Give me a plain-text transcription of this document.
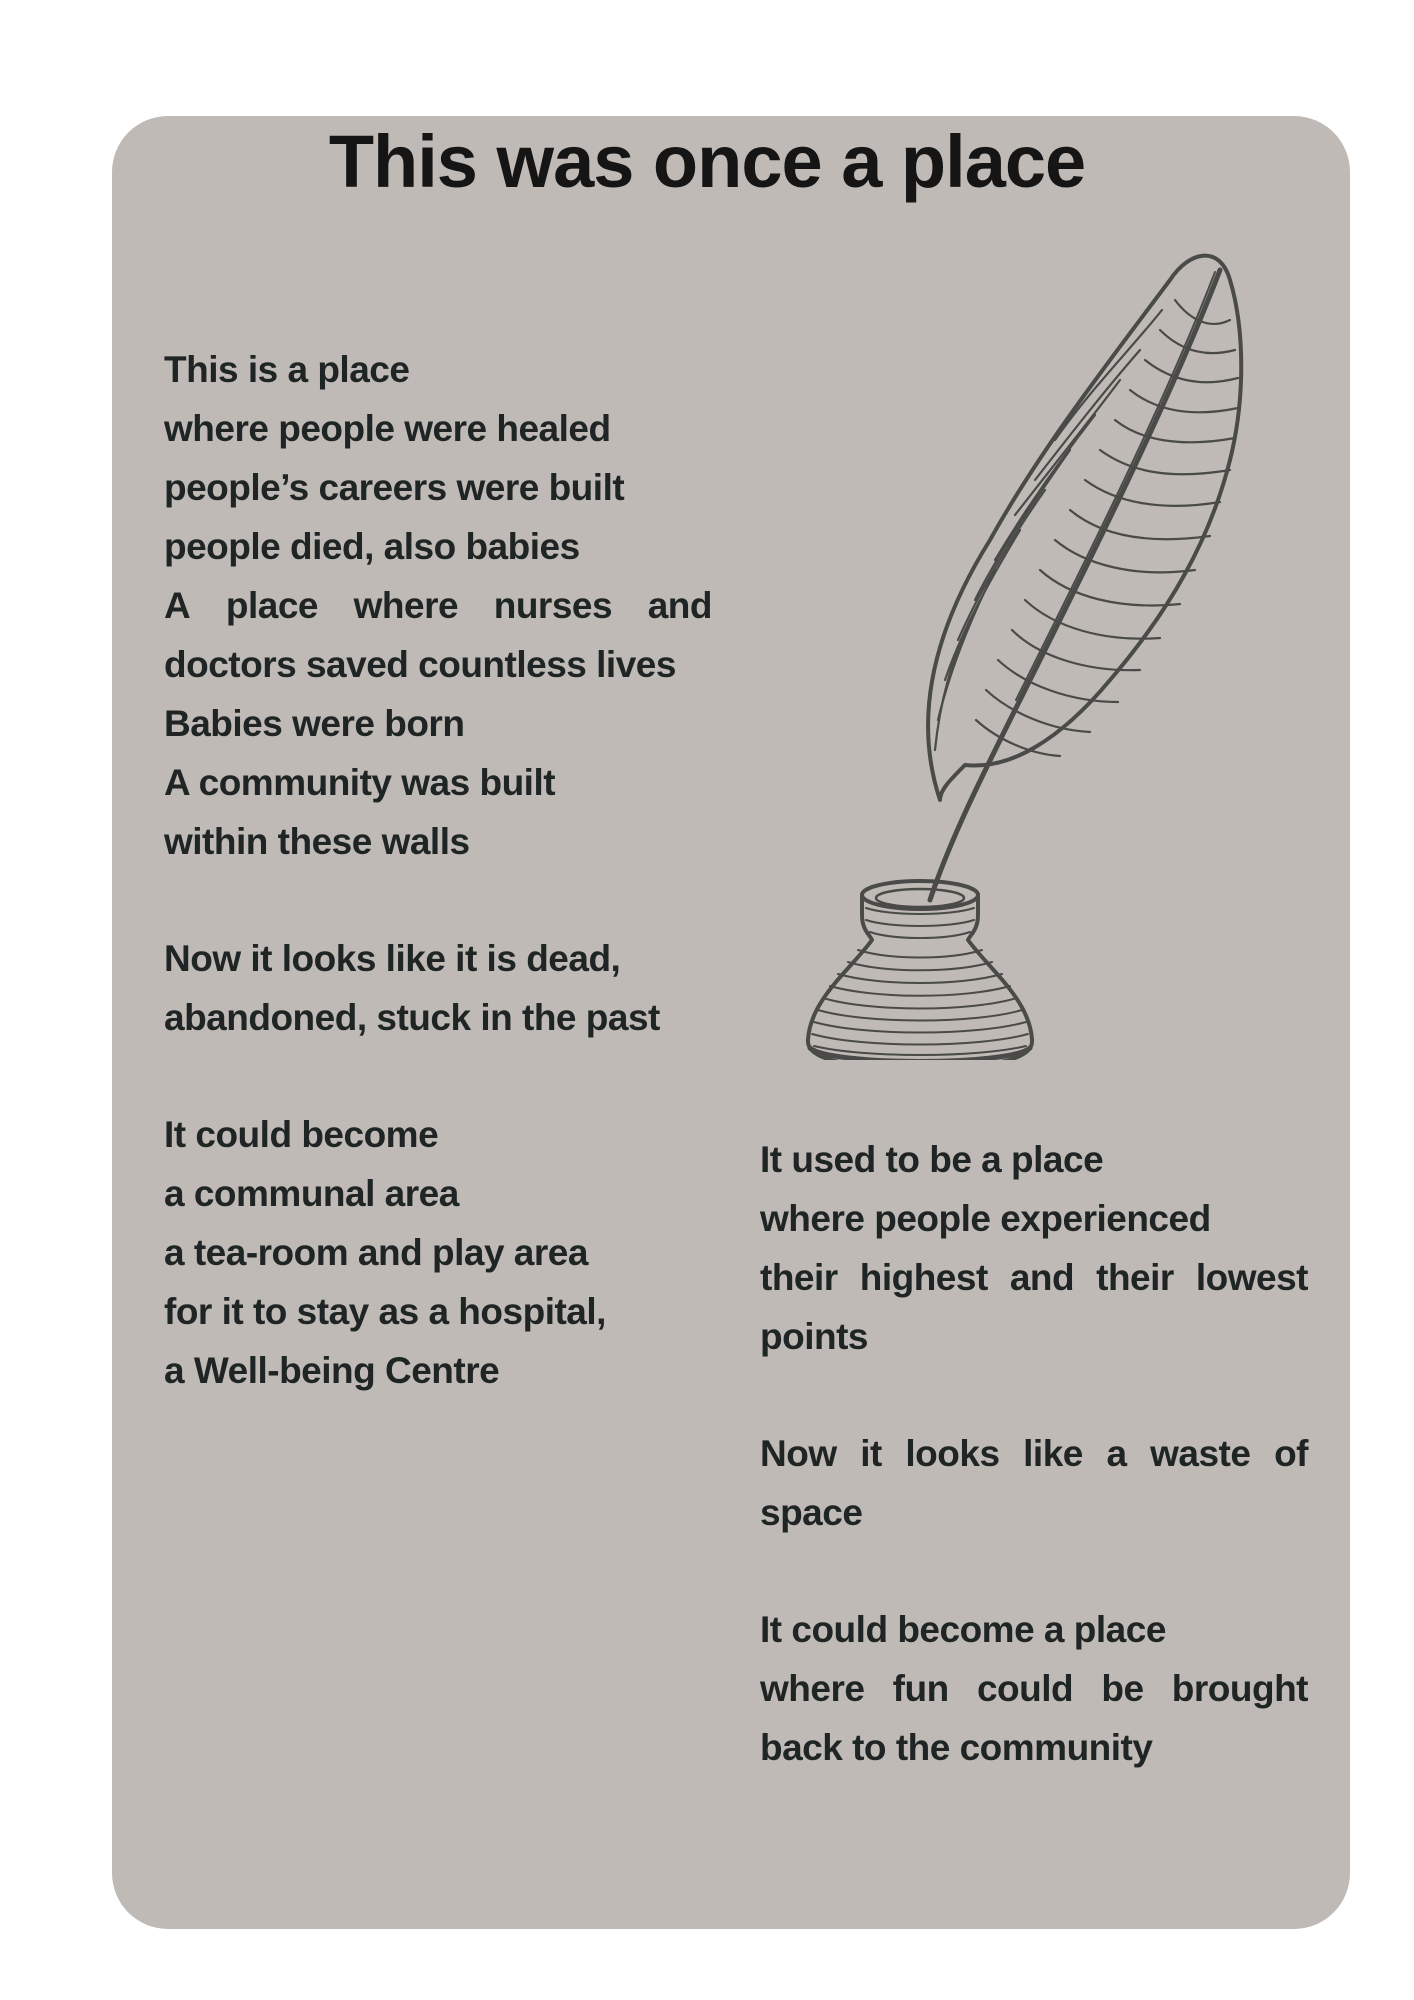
This was once a place
This is a place
where people were healed
people’s careers were built
people died, also babies
A place where nurses and
doctors saved countless lives
Babies were born
A community was built
within these walls
Now it looks like it is dead,
abandoned, stuck in the past
It could become
a communal area
a tea-room and play area
for it to stay as a hospital,
a Well-being Centre
It used to be a place
where people experienced
their highest and their lowest
points
Now it looks like a waste of
space
It could become a place
where fun could be brought
back to the community
